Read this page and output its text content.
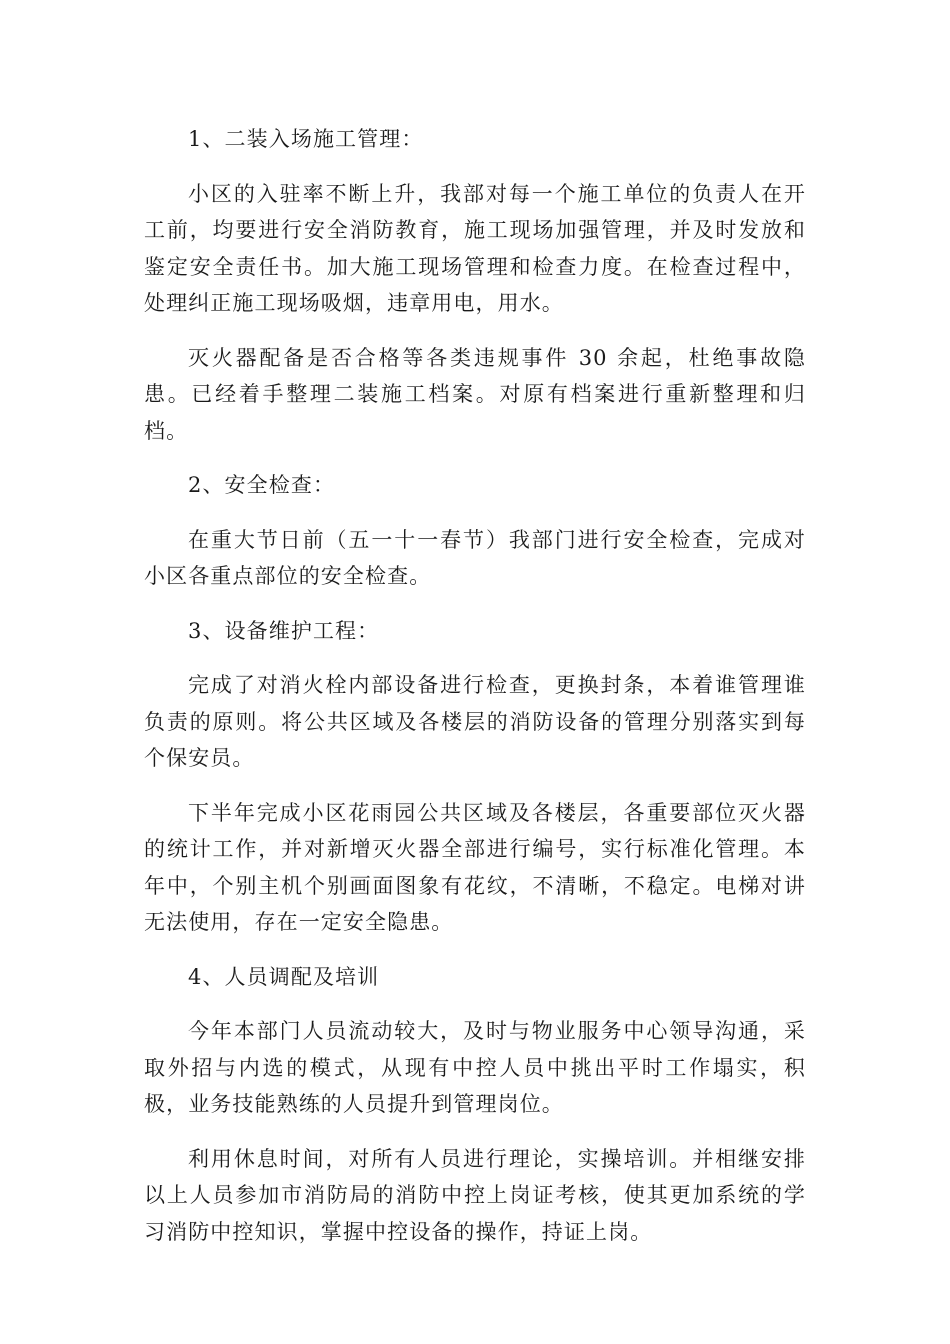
1、二装入场施工管理：

小区的入驻率不断上升，我部对每一个施工单位的负责人在开工前，均要进行安全消防教育，施工现场加强管理，并及时发放和鉴定安全责任书。加大施工现场管理和检查力度。在检查过程中，处理纠正施工现场吸烟，违章用电，用水。

灭火器配备是否合格等各类违规事件 30 余起，杜绝事故隐患。已经着手整理二装施工档案。对原有档案进行重新整理和归档。

2、安全检查：

在重大节日前（五一十一春节）我部门进行安全检查，完成对小区各重点部位的安全检查。

3、设备维护工程：

完成了对消火栓内部设备进行检查，更换封条，本着谁管理谁负责的原则。将公共区域及各楼层的消防设备的管理分别落实到每个保安员。

下半年完成小区花雨园公共区域及各楼层，各重要部位灭火器的统计工作，并对新增灭火器全部进行编号，实行标准化管理。本年中，个别主机个别画面图象有花纹，不清晰，不稳定。电梯对讲无法使用，存在一定安全隐患。

4、人员调配及培训

今年本部门人员流动较大，及时与物业服务中心领导沟通，采取外招与内选的模式，从现有中控人员中挑出平时工作塌实，积极，业务技能熟练的人员提升到管理岗位。

利用休息时间，对所有人员进行理论，实操培训。并相继安排以上人员参加市消防局的消防中控上岗证考核，使其更加系统的学习消防中控知识，掌握中控设备的操作，持证上岗。
